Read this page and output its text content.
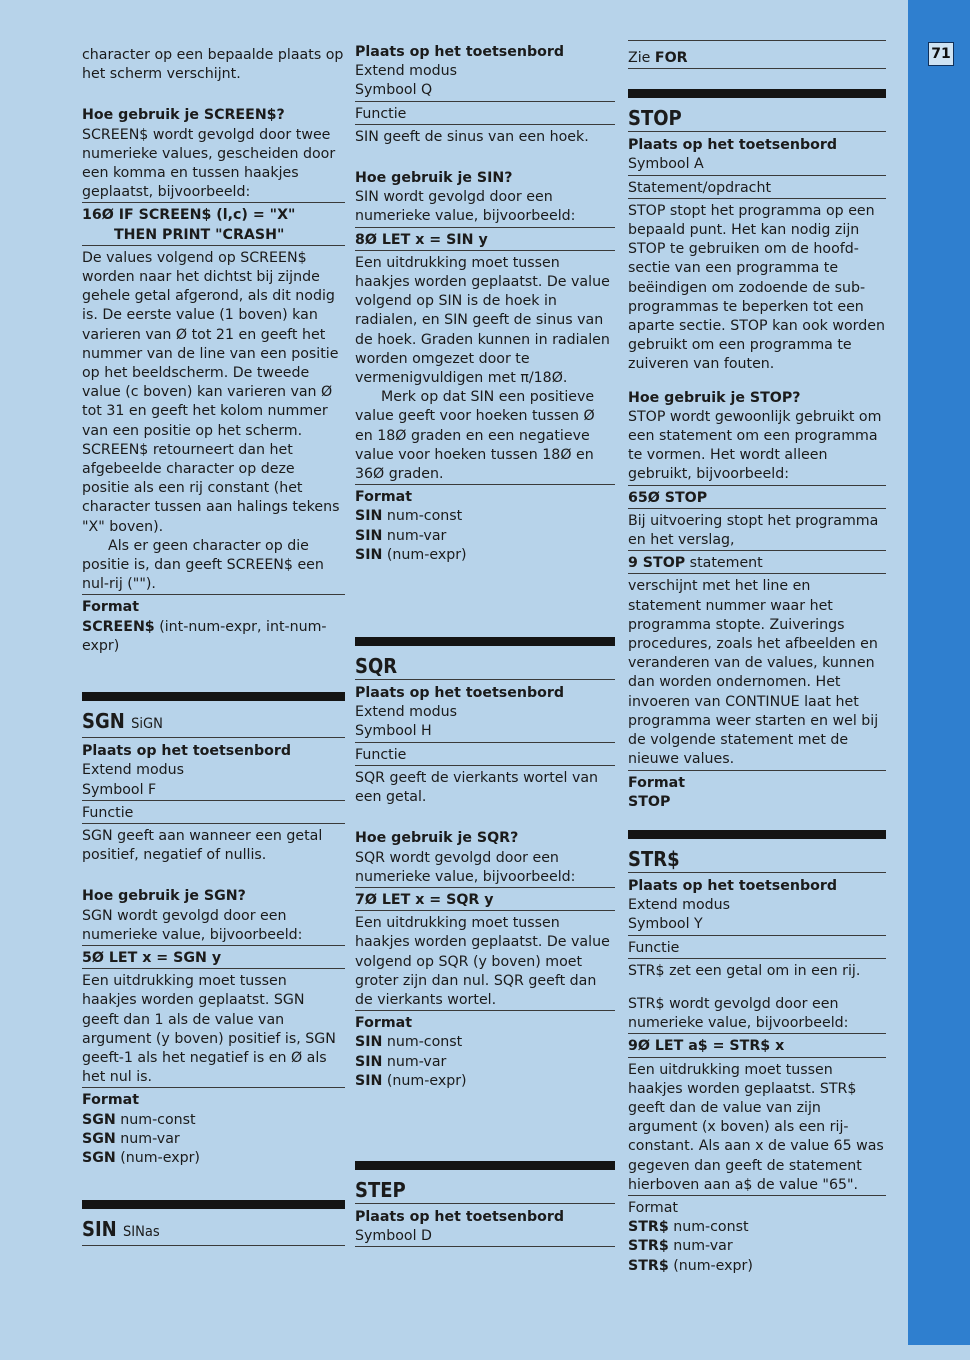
71

character op een bepaalde plaats op het scherm verschijnt.

Hoe gebruik je SCREEN$?

SCREEN$ wordt gevolgd door twee numerieke values, gescheiden door een komma en tussen haakjes geplaatst, bijvoorbeeld:

16Ø IF SCREEN$ (l,c) = "X"

THEN PRINT "CRASH"

De values volgend op SCREEN$ worden naar het dichtst bij zijnde gehele getal afgerond, als dit nodig is. De eerste value (1 boven) kan varieren van Ø tot 21 en geeft het nummer van de line van een positie op het beeldscherm. De tweede value (c boven) kan varieren van Ø tot 31 en geeft het kolom nummer van een positie op het scherm. SCREEN$ retourneert dan het afgebeelde character op deze positie als een rij constant (het character tussen aan halings tekens "X" boven).

Als er geen character op die positie is, dan geeft SCREEN$ een nul-rij ("").

Format

SCREEN$ (int-num-expr, int-num-expr)

SGN SiGN

Plaats op het toetsenbord

Extend modus

Symbool F

Functie

SGN geeft aan wanneer een getal positief, negatief of nullis.

Hoe gebruik je SGN?

SGN wordt gevolgd door een numerieke value, bijvoorbeeld:

5Ø LET x = SGN y

Een uitdrukking moet tussen haakjes worden geplaatst. SGN geeft dan 1 als de value van argument (y boven) positief is, SGN geeft-1 als het negatief is en Ø als het nul is.

Format

SGN num-const

SGN num-var

SGN (num-expr)

SIN SINas

Plaats op het toetsenbord

Extend modus

Symbool Q

Functie

SIN geeft de sinus van een hoek.

Hoe gebruik je SIN?

SIN wordt gevolgd door een numerieke value, bijvoorbeeld:

8Ø LET x = SIN y

Een uitdrukking moet tussen haakjes worden geplaatst. De value volgend op SIN is de hoek in radialen, en SIN geeft de sinus van de hoek. Graden kunnen in radialen worden omgezet door te vermenigvuldigen met π/18Ø.

Merk op dat SIN een positieve value geeft voor hoeken tussen Ø en 18Ø graden en een negatieve value voor hoeken tussen 18Ø en 36Ø graden.

Format

SIN num-const

SIN num-var

SIN (num-expr)

SQR

Plaats op het toetsenbord

Extend modus

Symbool H

Functie

SQR geeft de vierkants wortel van een getal.

Hoe gebruik je SQR?

SQR wordt gevolgd door een numerieke value, bijvoorbeeld:

7Ø LET x = SQR y

Een uitdrukking moet tussen haakjes worden geplaatst. De value volgend op SQR (y boven) moet groter zijn dan nul. SQR geeft dan de vierkants wortel.

Format

SIN num-const

SIN num-var

SIN (num-expr)

STEP

Plaats op het toetsenbord

Symbool D

Zie FOR

STOP

Plaats op het toetsenbord

Symbool A

Statement/opdracht

STOP stopt het programma op een bepaald punt. Het kan nodig zijn STOP te gebruiken om de hoofd-sectie van een programma te beëindigen om zodoende de sub-programmas te beperken tot een aparte sectie. STOP kan ook worden gebruikt om een programma te zuiveren van fouten.

Hoe gebruik je STOP?

STOP wordt gewoonlijk gebruikt om een statement om een programma te vormen. Het wordt alleen gebruikt, bijvoorbeeld:

65Ø STOP

Bij uitvoering stopt het programma en het verslag,

9 STOP statement

verschijnt met het line en statement nummer waar het programma stopte. Zuiverings procedures, zoals het afbeelden en veranderen van de values, kunnen dan worden ondernomen. Het invoeren van CONTINUE laat het programma weer starten en wel bij de volgende statement met de nieuwe values.

Format

STOP

STR$

Plaats op het toetsenbord

Extend modus

Symbool Y

Functie

STR$ zet een getal om in een rij.

STR$ wordt gevolgd door een numerieke value, bijvoorbeeld:

9Ø LET a$ = STR$ x

Een uitdrukking moet tussen haakjes worden geplaatst. STR$ geeft dan de value van zijn argument (x boven) als een rij-constant. Als aan x de value 65 was gegeven dan geeft de statement hierboven aan a$ de value "65".

Format

STR$ num-const

STR$ num-var

STR$ (num-expr)
